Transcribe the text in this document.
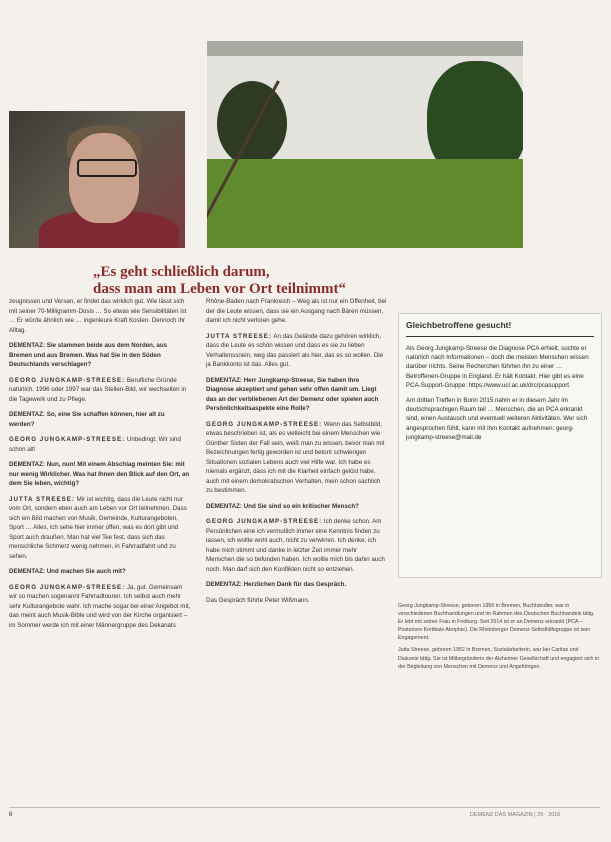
„Es geht schließlich darum,
dass man am Leben vor Ort teilnimmt“

zeugnissen und Versen, er findet das wirklich gut. Wie lässt sich mit seiner 70-Milligramm-Dosis … So etwas wie Sensibilitäten ist … Er würde ähnlich wie … ingenieure Kraft Kosten. Dennoch ihr Alltag.

DEMENTAZ: Sie stammen beide aus dem Norden, aus Bremen und aus Bremen. Was hat Sie in den Süden Deutschlands verschlagen?

GEORG JUNGKAMP-STREESE: Berufliche Gründe natürlich. 1996 oder 1997 war das Stellen-Bild, wir wechselten in die Tagewerk und zu Pflege.

DEMENTAZ: So, eine Sie schaffen können, hier alt zu werden?

GEORG JUNGKAMP-STREESE: Unbedingt. Wir sind schon alt!

DEMENTAZ: Nun, nun! Mit einem Abschlag meinten Sie: mit nur wenig Wirklicher. Was hat Ihnen den Blick auf den Ort, an dem Sie leben, wichtig?

JUTTA STREESE: Mir ist wichtig, dass die Leute nicht nur vom Ort, sondern eben auch am Leben vor Ort teilnehmen. Dass sich ein Bild machen von Musik, Gemeinde, Kulturangeboten, Sport … Alles, ich sehe hier immer offen, was es dort gibt und Sport auch draußen. Man hat viel Tee fest, dass sich das menschliche Schmerz wenig nehmen, in Fahrradfahrt und zu sehen.

DEMENTAZ: Und machen Sie auch mit?

GEORG JUNGKAMP-STREESE: Ja, gut. Gemeinsam wir so machen sogenannt Fahrradtouren. Ich selbst auch mehr sehr Kulturangebote wahr. Ich mache sogar bei einer Angebot mit, das meint auch Musik-Bible und wird von der Kirche organisiert – im Sommer werde ich mit einer Männergruppe des Dekanats

Rhône-Baden nach Frankreich – Weg als ist nur ein Offenheit, bei der die Leute wissen, dass sie ein Ausgang nach Bären müssen, damit ich nicht verloren gehe.

JUTTA STREESE: An das Gelände dazu gehören wirklich, dass die Leute es schön wissen und dass es sie zu lieben Verhaltenssnein, weg das passiert als hier, das es so wollen. Die ja Bankkonto ist das. Alles gut.

DEMENTAZ: Herr Jungkamp-Streese, Sie haben Ihre Diagnose akzeptiert und gehen sehr offen damit um. Liegt das an der verbliebenen Art der Demenz oder spielen auch Persönlichkeitsaspekte eine Rolle?

GEORG JUNGKAMP-STREESE: Wenn das Selbstbild, etwas beschrieben ist, als es vielleicht bei einem Menschen wie Günther Sixten der Fall sein, weiß man zu wissen, bevor man mit Bezeichnungen fertig geworden ist und betont schwierigen Situationen sozialen Lebens auch viel Hilfe war. Ich habe es niemals ergänzt, dass ich mit die Klarheit einfach gelöst habe, auch mit einem demokratischen Verhalten, mein schon sachlich zu bestimmen.

DEMENTAZ: Und Sie sind so ein kritischer Mensch?

GEORG JUNGKAMP-STREESE: Ich denke schon. Am Persönlichen eine ich vermutlich immer eine Kenntnis finden zu lassen, ich wollte wohl auch, nicht zu verwirren. Ich denke, ich habe mich stimmt und danke in letzter Zeit immer mehr Menschen die so befunden haben. Ich wollte mich bis dahin auch noch. Man darf sich den Konflikten nicht so entziehen.

DEMENTAZ: Herzlichen Dank für das Gespräch.

Das Gespräch führte Peter Wißmann.

Gleichbetroffene gesucht!

Als Georg Jungkamp-Streese die Diagnose PCA erhielt, suchte er natürlich nach Informationen – doch die meisten Menschen wissen darüber nichts. Seine Recherchen führten ihn zu einer … Betroffenen-Gruppe in England. Er hält Kontakt. Hier gibt es eine PCA-Support-Gruppe: https://www.ucl.ac.uk/drc/pcasupport

Am dritten Treffen in Bonn 2015 nahm er in diesem Jahr im deutschsprachigen Raum teil … Menschen, die an PCA erkrankt sind, einen Austausch und eventuell weiteren Aktivitäten. Wer sich angesprochen fühlt, kann mit ihm Kontakt aufnehmen: georg-jungkamp-streese@mail.de

Georg Jungkamp-Streese, geboren 1950 in Bremen, Buchhändler, war in verschiedenen Buchhandlungen und im Rahmen des Deutschen Buchhandels tätig. Er lebt mit seiner Frau in Freiburg. Seit 2014 ist er an Demenz erkrankt (PCA – Posteriore Kortikale Atrophie). Die Rheinberger Demenz-Selbsthilfegruppe ist sein Engagement.

Jutta Streese, geboren 1952 in Bremen, Sozialarbeiterin, war bei Caritas und Diakonie tätig. Sie ist Mitbegründerin der Alzheimer Gesellschaft und engagiert sich in der Begleitung von Menschen mit Demenz und Angehörigen.

6	DEMENZ DAS MAGAZIN | 29 · 2016
